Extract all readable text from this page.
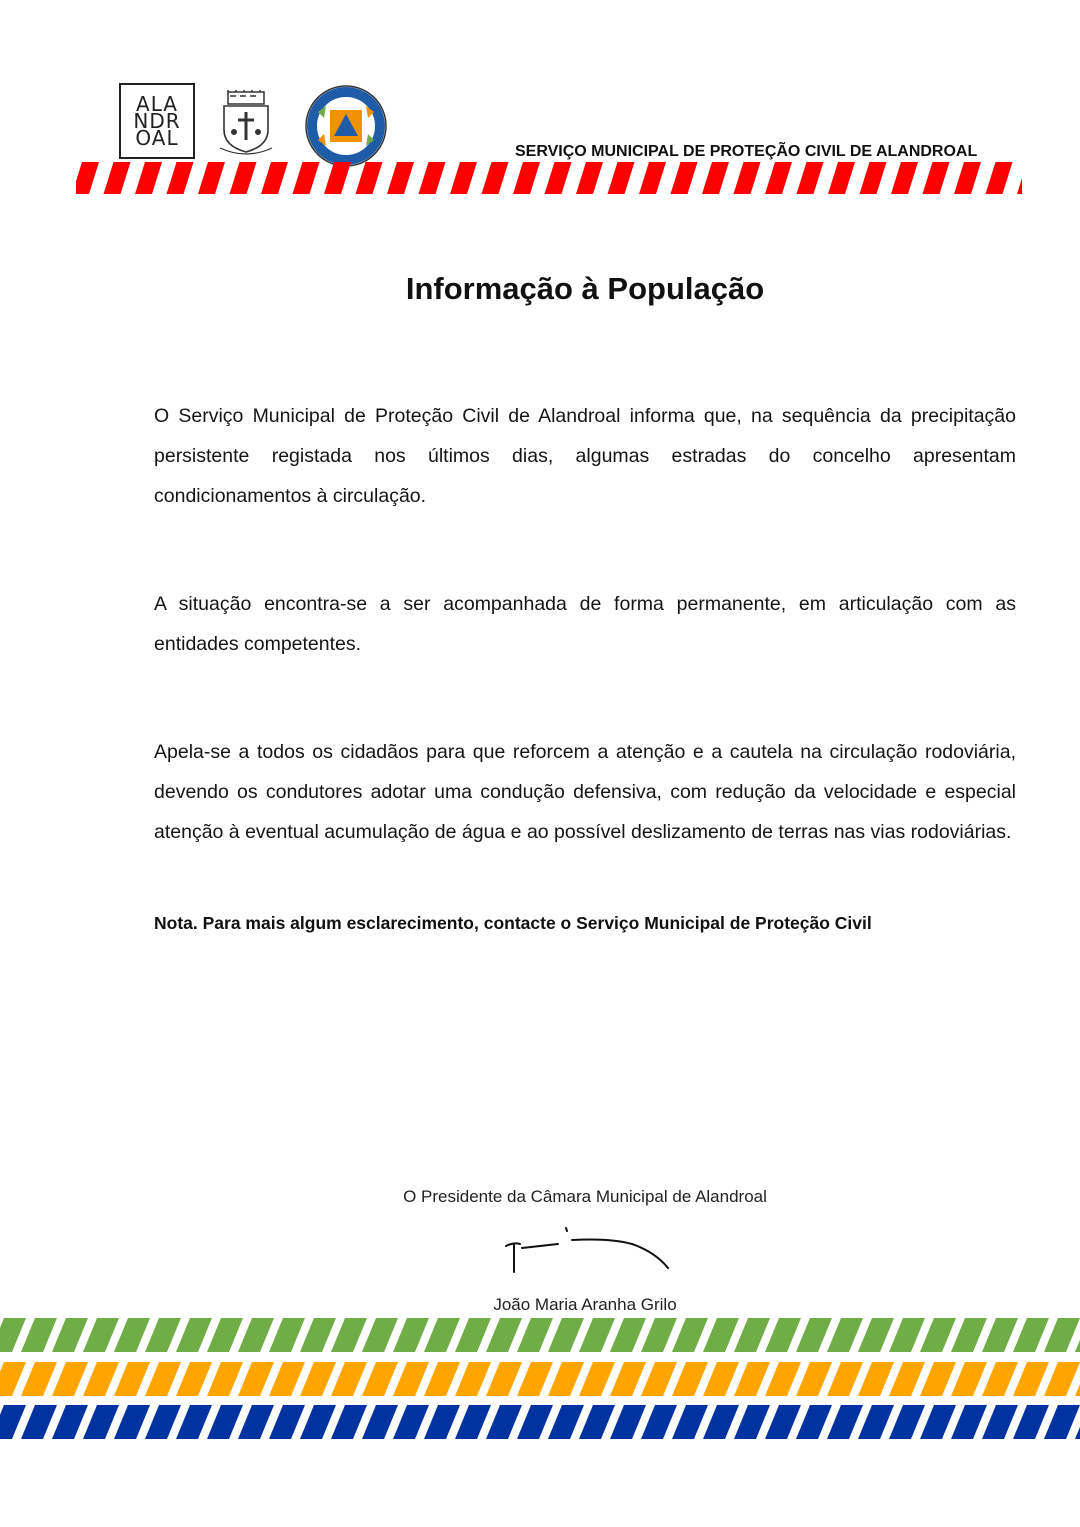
ALA
NDR
OAL
SERVIÇO MUNICIPAL DE PROTEÇÃO CIVIL DE ALANDROAL
Informação à População
O Serviço Municipal de Proteção Civil de Alandroal informa que, na sequência da precipitação persistente registada nos últimos dias, algumas estradas do concelho apresentam condicionamentos à circulação.
A situação encontra-se a ser acompanhada de forma permanente, em articulação com as entidades competentes.
Apela-se a todos os cidadãos para que reforcem a atenção e a cautela na circulação rodoviária, devendo os condutores adotar uma condução defensiva, com redução da velocidade e especial atenção à eventual acumulação de água e ao possível deslizamento de terras nas vias rodoviárias.
Nota. Para mais algum esclarecimento, contacte o Serviço Municipal de Proteção Civil
O Presidente da Câmara Municipal de Alandroal
João Maria Aranha Grilo
